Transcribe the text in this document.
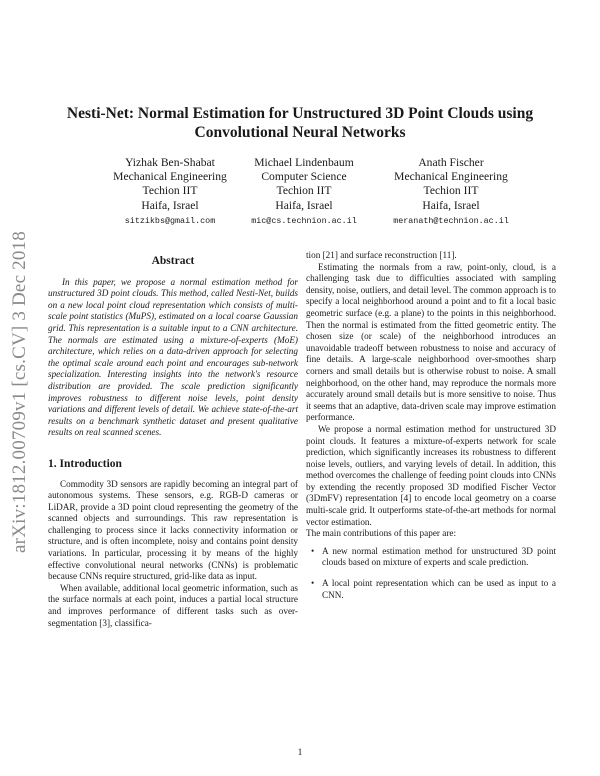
arXiv:1812.00709v1 [cs.CV] 3 Dec 2018
Nesti-Net: Normal Estimation for Unstructured 3D Point Clouds using Convolutional Neural Networks
Yizhak Ben-Shabat
Mechanical Engineering
Techion IIT
Haifa, Israel
sitzikbs@gmail.com
Michael Lindenbaum
Computer Science
Techion IIT
Haifa, Israel
mic@cs.technion.ac.il
Anath Fischer
Mechanical Engineering
Techion IIT
Haifa, Israel
meranath@technion.ac.il
Abstract

In this paper, we propose a normal estimation method for unstructured 3D point clouds. This method, called Nesti-Net, builds on a new local point cloud representation which consists of multi-scale point statistics (MuPS), estimated on a local coarse Gaussian grid. This representation is a suitable input to a CNN architecture. The normals are estimated using a mixture-of-experts (MoE) architecture, which relies on a data-driven approach for selecting the optimal scale around each point and encourages sub-network specialization. Interesting insights into the network's resource distribution are provided. The scale prediction significantly improves robustness to different noise levels, point density variations and different levels of detail. We achieve state-of-the-art results on a benchmark synthetic dataset and present qualitative results on real scanned scenes.

1. Introduction

Commodity 3D sensors are rapidly becoming an integral part of autonomous systems. These sensors, e.g. RGB-D cameras or LiDAR, provide a 3D point cloud representing the geometry of the scanned objects and surroundings. This raw representation is challenging to process since it lacks connectivity information or structure, and is often incomplete, noisy and contains point density variations. In particular, processing it by means of the highly effective convolutional neural networks (CNNs) is problematic because CNNs require structured, grid-like data as input.

When available, additional local geometric information, such as the surface normals at each point, induces a partial local structure and improves performance of different tasks such as over-segmentation [3], classifica-

tion [21] and surface reconstruction [11].

Estimating the normals from a raw, point-only, cloud, is a challenging task due to difficulties associated with sampling density, noise, outliers, and detail level. The common approach is to specify a local neighborhood around a point and to fit a local basic geometric surface (e.g. a plane) to the points in this neighborhood. Then the normal is estimated from the fitted geometric entity. The chosen size (or scale) of the neighborhood introduces an unavoidable tradeoff between robustness to noise and accuracy of fine details. A large-scale neighborhood over-smoothes sharp corners and small details but is otherwise robust to noise. A small neighborhood, on the other hand, may reproduce the normals more accurately around small details but is more sensitive to noise. Thus it seems that an adaptive, data-driven scale may improve estimation performance.

We propose a normal estimation method for unstructured 3D point clouds. It features a mixture-of-experts network for scale prediction, which significantly increases its robustness to different noise levels, outliers, and varying levels of detail. In addition, this method overcomes the challenge of feeding point clouds into CNNs by extending the recently proposed 3D modified Fischer Vector (3DmFV) representation [4] to encode local geometry on a coarse multi-scale grid. It outperforms state-of-the-art methods for normal vector estimation.

The main contributions of this paper are:

• A new normal estimation method for unstructured 3D point clouds based on mixture of experts and scale prediction.
• A local point representation which can be used as input to a CNN.
1
